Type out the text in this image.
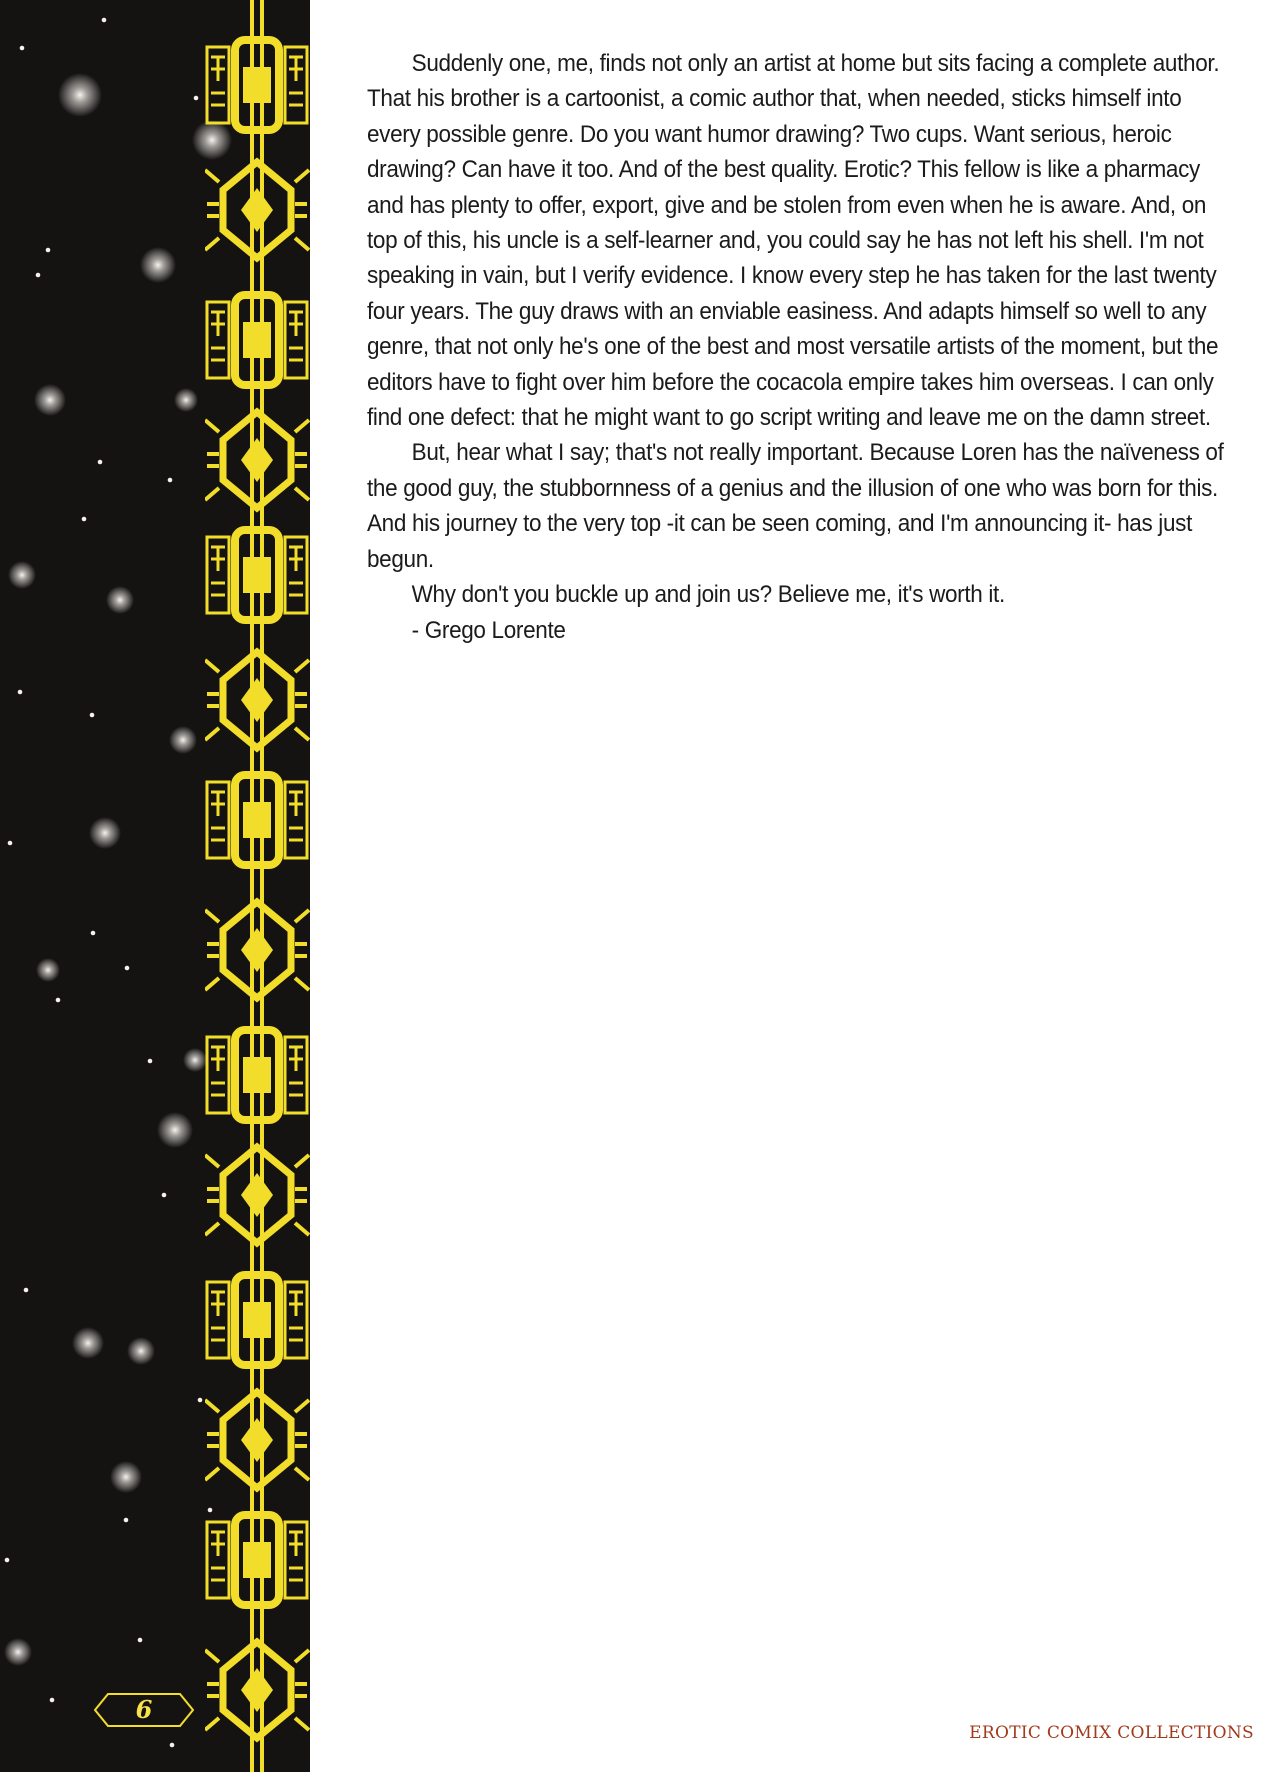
6

Suddenly one, me, finds not only an artist at home but sits facing a complete author. That his brother is a cartoonist, a comic author that, when needed, sticks himself into every possible genre. Do you want humor drawing? Two cups. Want serious, heroic drawing? Can have it too. And of the best quality. Erotic? This fellow is like a pharmacy and has plenty to offer, export, give and be stolen from even when he is aware. And, on top of this, his uncle is a self-learner and, you could say he has not left his shell. I'm not speaking in vain, but I verify evidence. I know every step he has taken for the last twenty four years. The guy draws with an enviable easiness. And adapts himself so well to any genre, that not only he's one of the best and most versatile artists of the moment, but the editors have to fight over him before the cocacola empire takes him overseas. I can only find one defect: that he might want to go script writing and leave me on the damn street.

But, hear what I say; that's not really important. Because Loren has the naïveness of the good guy, the stubbornness of a genius and the illusion of one who was born for this. And his journey to the very top -it can be seen coming, and I'm announcing it- has just begun.

Why don't you buckle up and join us? Believe me, it's worth it.

- Grego Lorente

EROTIC COMIX COLLECTIONS
